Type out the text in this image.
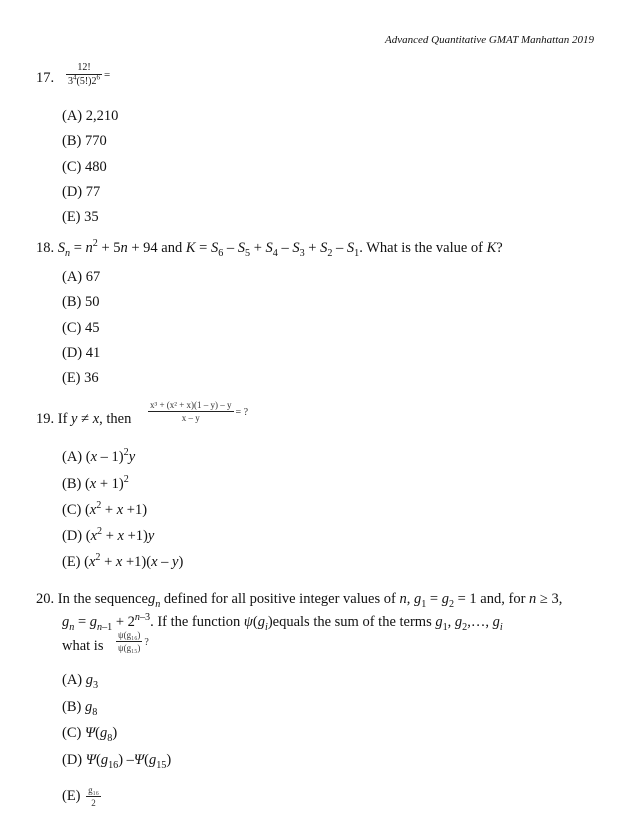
Advanced Quantitative GMAT Manhattan 2019
17. $\frac{12!}{3^4(5!)2^6}$ =
(A) 2,210
(B) 770
(C) 480
(D) 77
(E) 35
18. $S_n = n^2 + 5n + 94$ and $K = S_6 - S_5 + S_4 - S_3 + S_2 - S_1$. What is the value of K?
(A) 67
(B) 50
(C) 45
(D) 41
(E) 36
19. If y ≠ x, then $\frac{\text{x³ + (x² + x)(1 – y) – y}}{x - y}$ = ?
(A) (x – 1)$^2$y
(B) $(x + 1)^2$
(C) $(x^2 + x +1)$
(D) $(x^2 + x +1)y$
(E) $(x^2 + x +1)(x - y)$
20. In the sequenceg$_n$ defined for all positive integer values of n, $g_1 = g_2 = 1$ and, for n ≥ 3,
$g_n = g_{n-1} + 2^{n-3}$. If the function $\psi(g_i)equals$ the sum of the terms $g_1$, $g_2,\dots$, $g_i$
what is $\frac{\text{ψ(g₁₆)}}{\text{ψ(g₁₅)}}$ ?
(A) $g_3$
(B) $g_8$
(C) $\Psi(g_8)$
(D) $\Psi(g_{16})$ $-\Psi(g_{15})$
$(E) \frac{\text{g₁₆}}{2}$
